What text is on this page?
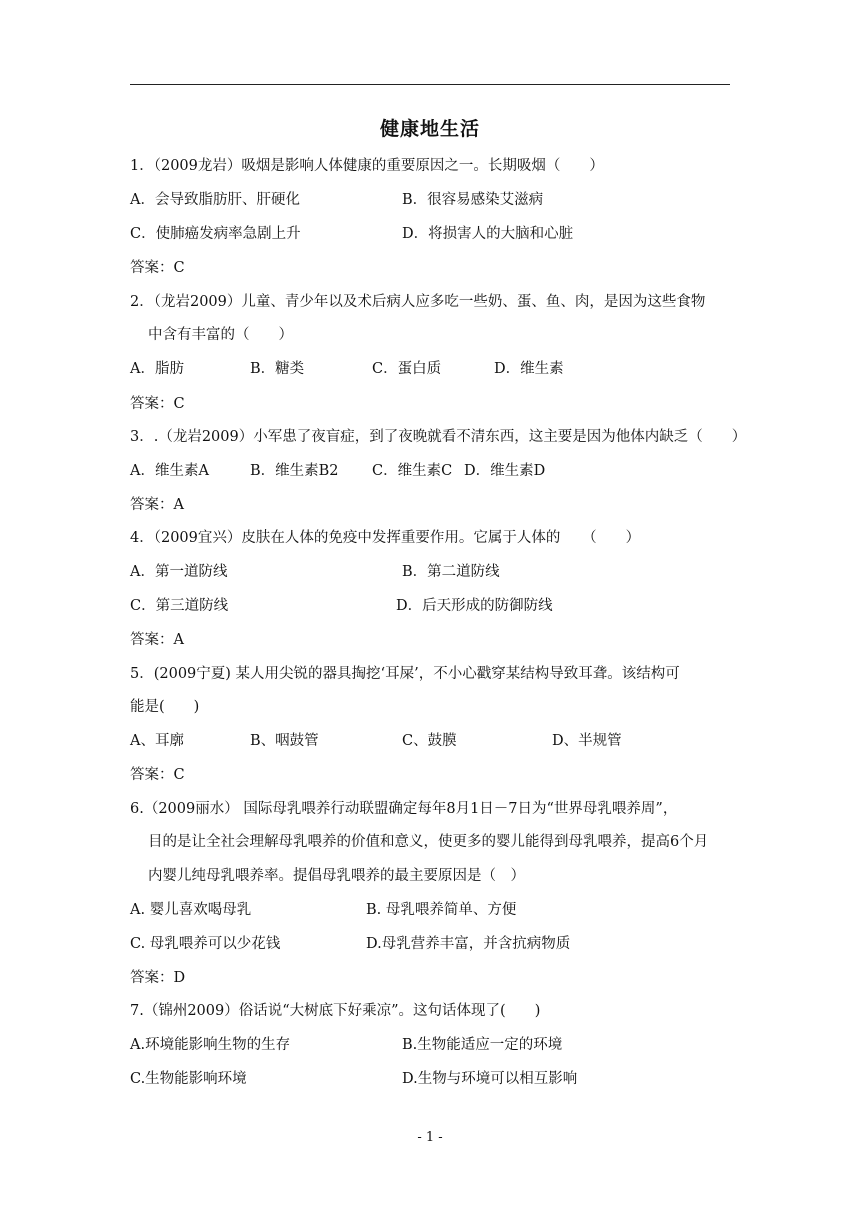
健康地生活
1．（2009龙岩）吸烟是影响人体健康的重要原因之一。长期吸烟（　　）
A．会导致脂肪肝、肝硬化	B．很容易感染艾滋病
C．使肺癌发病率急剧上升	D．将损害人的大脑和心脏
答案：C
2．（龙岩2009）儿童、青少年以及术后病人应多吃一些奶、蛋、鱼、肉，是因为这些食物
中含有丰富的（　　）
A．脂肪	B．糖类	C．蛋白质	D．维生素
答案：C
3．.（龙岩2009）小军患了夜盲症，到了夜晚就看不清东西，这主要是因为他体内缺乏（　　）
A．维生素A	B．维生素B2 C．维生素C D．维生素D
答案：A
4．（2009宜兴）皮肤在人体的免疫中发挥重要作用。它属于人体的　　（　　）
A．第一道防线	B．第二道防线
C．第三道防线	D．后天形成的防御防线
答案：A
5．(2009宁夏) 某人用尖锐的器具掏挖‘耳屎’，不小心戳穿某结构导致耳聋。该结构可
能是(　　)
A、耳廓	B、咽鼓管	C、鼓膜	D、半规管
答案：C
6.（2009丽水） 国际母乳喂养行动联盟确定每年8月1日－7日为“世界母乳喂养周”，
目的是让全社会理解母乳喂养的价值和意义，使更多的婴儿能得到母乳喂养，提高6个月
内婴儿纯母乳喂养率。提倡母乳喂养的最主要原因是（　）
A. 婴儿喜欢喝母乳	B. 母乳喂养简单、方便
C. 母乳喂养可以少花钱	D.母乳营养丰富，并含抗病物质
答案：D
7.（锦州2009）俗话说“大树底下好乘凉”。这句话体现了(　　)
A.环境能影响生物的生存	B.生物能适应一定的环境
C.生物能影响环境	D.生物与环境可以相互影响
- 1 -
